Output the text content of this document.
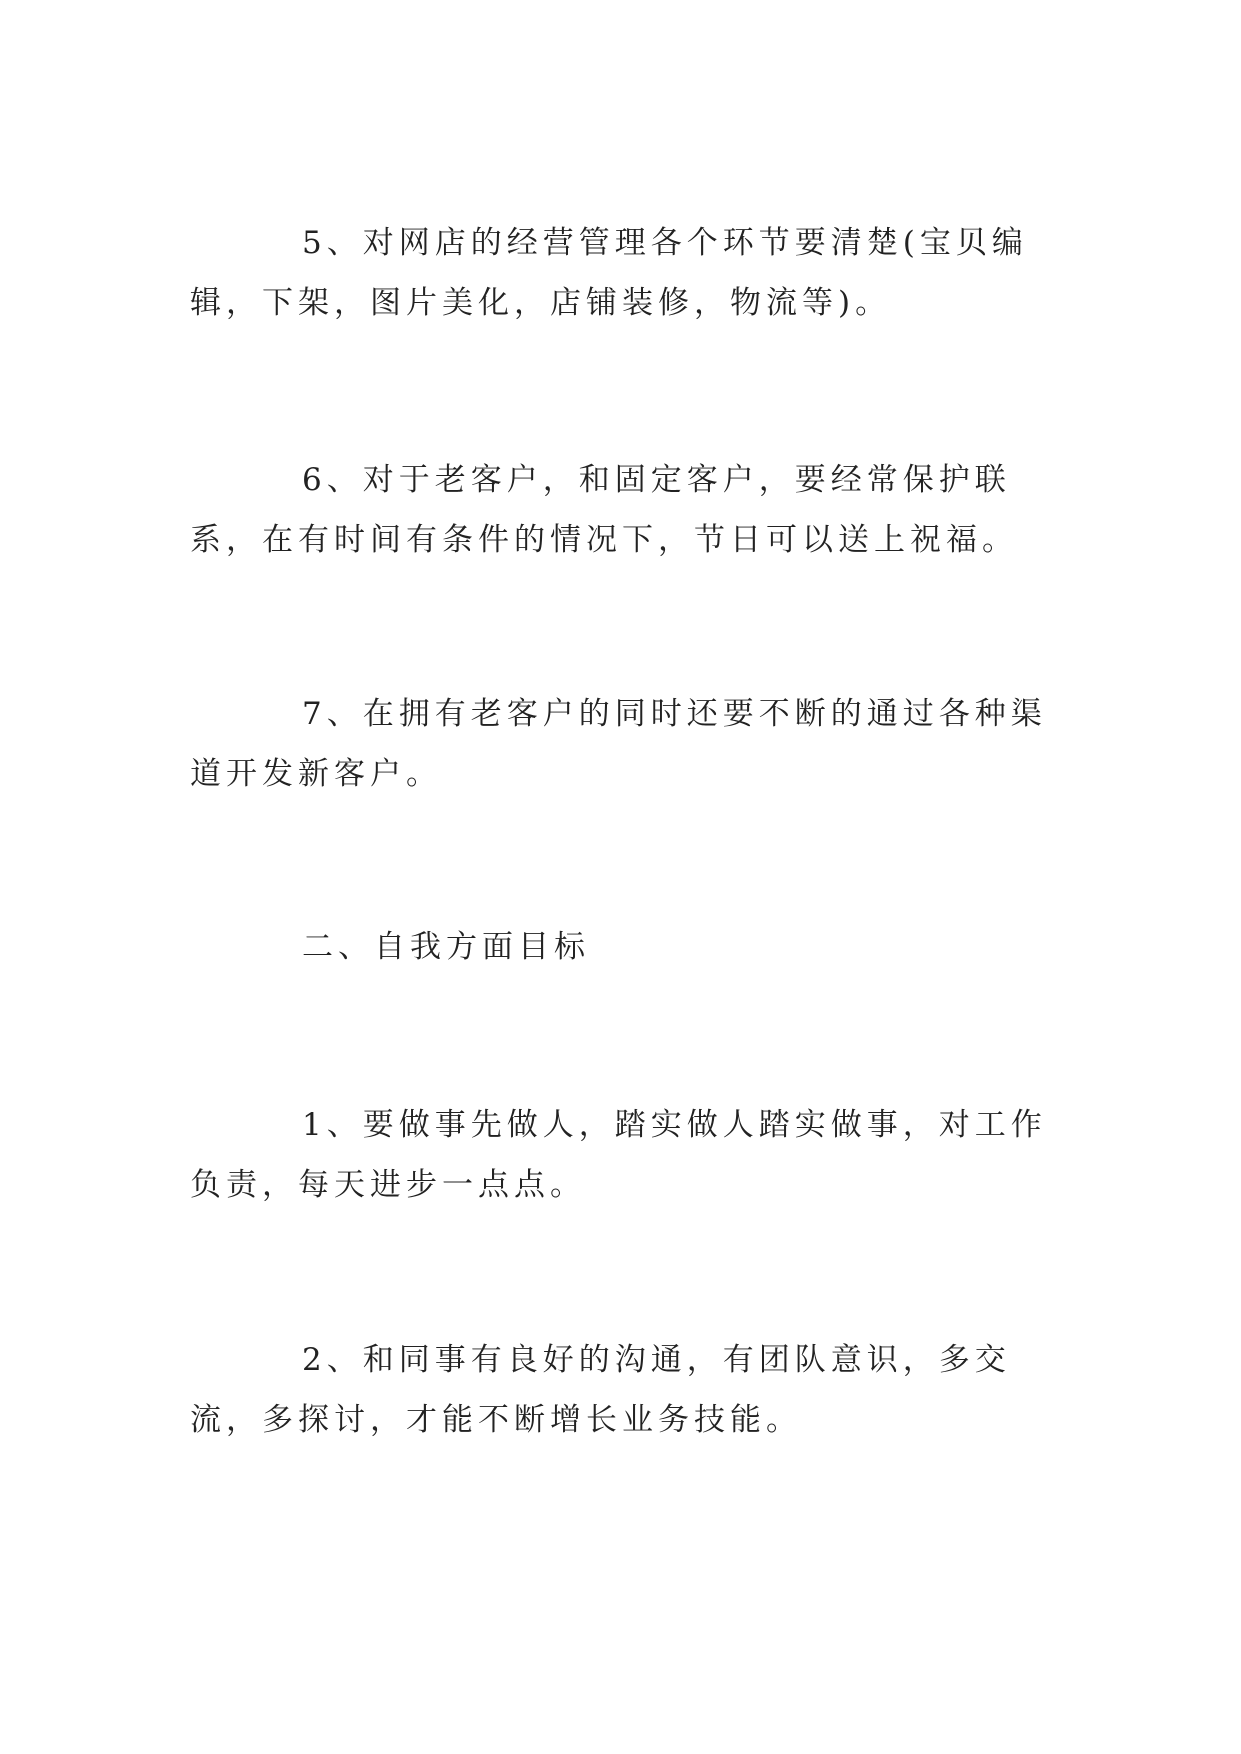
5、对网店的经营管理各个环节要清楚(宝贝编辑，下架，图片美化，店铺装修，物流等)。

6、对于老客户，和固定客户，要经常保护联系，在有时间有条件的情况下，节日可以送上祝福。

7、在拥有老客户的同时还要不断的通过各种渠道开发新客户。

二、自我方面目标

1、要做事先做人，踏实做人踏实做事，对工作负责，每天进步一点点。

2、和同事有良好的沟通，有团队意识，多交流，多探讨，才能不断增长业务技能。
